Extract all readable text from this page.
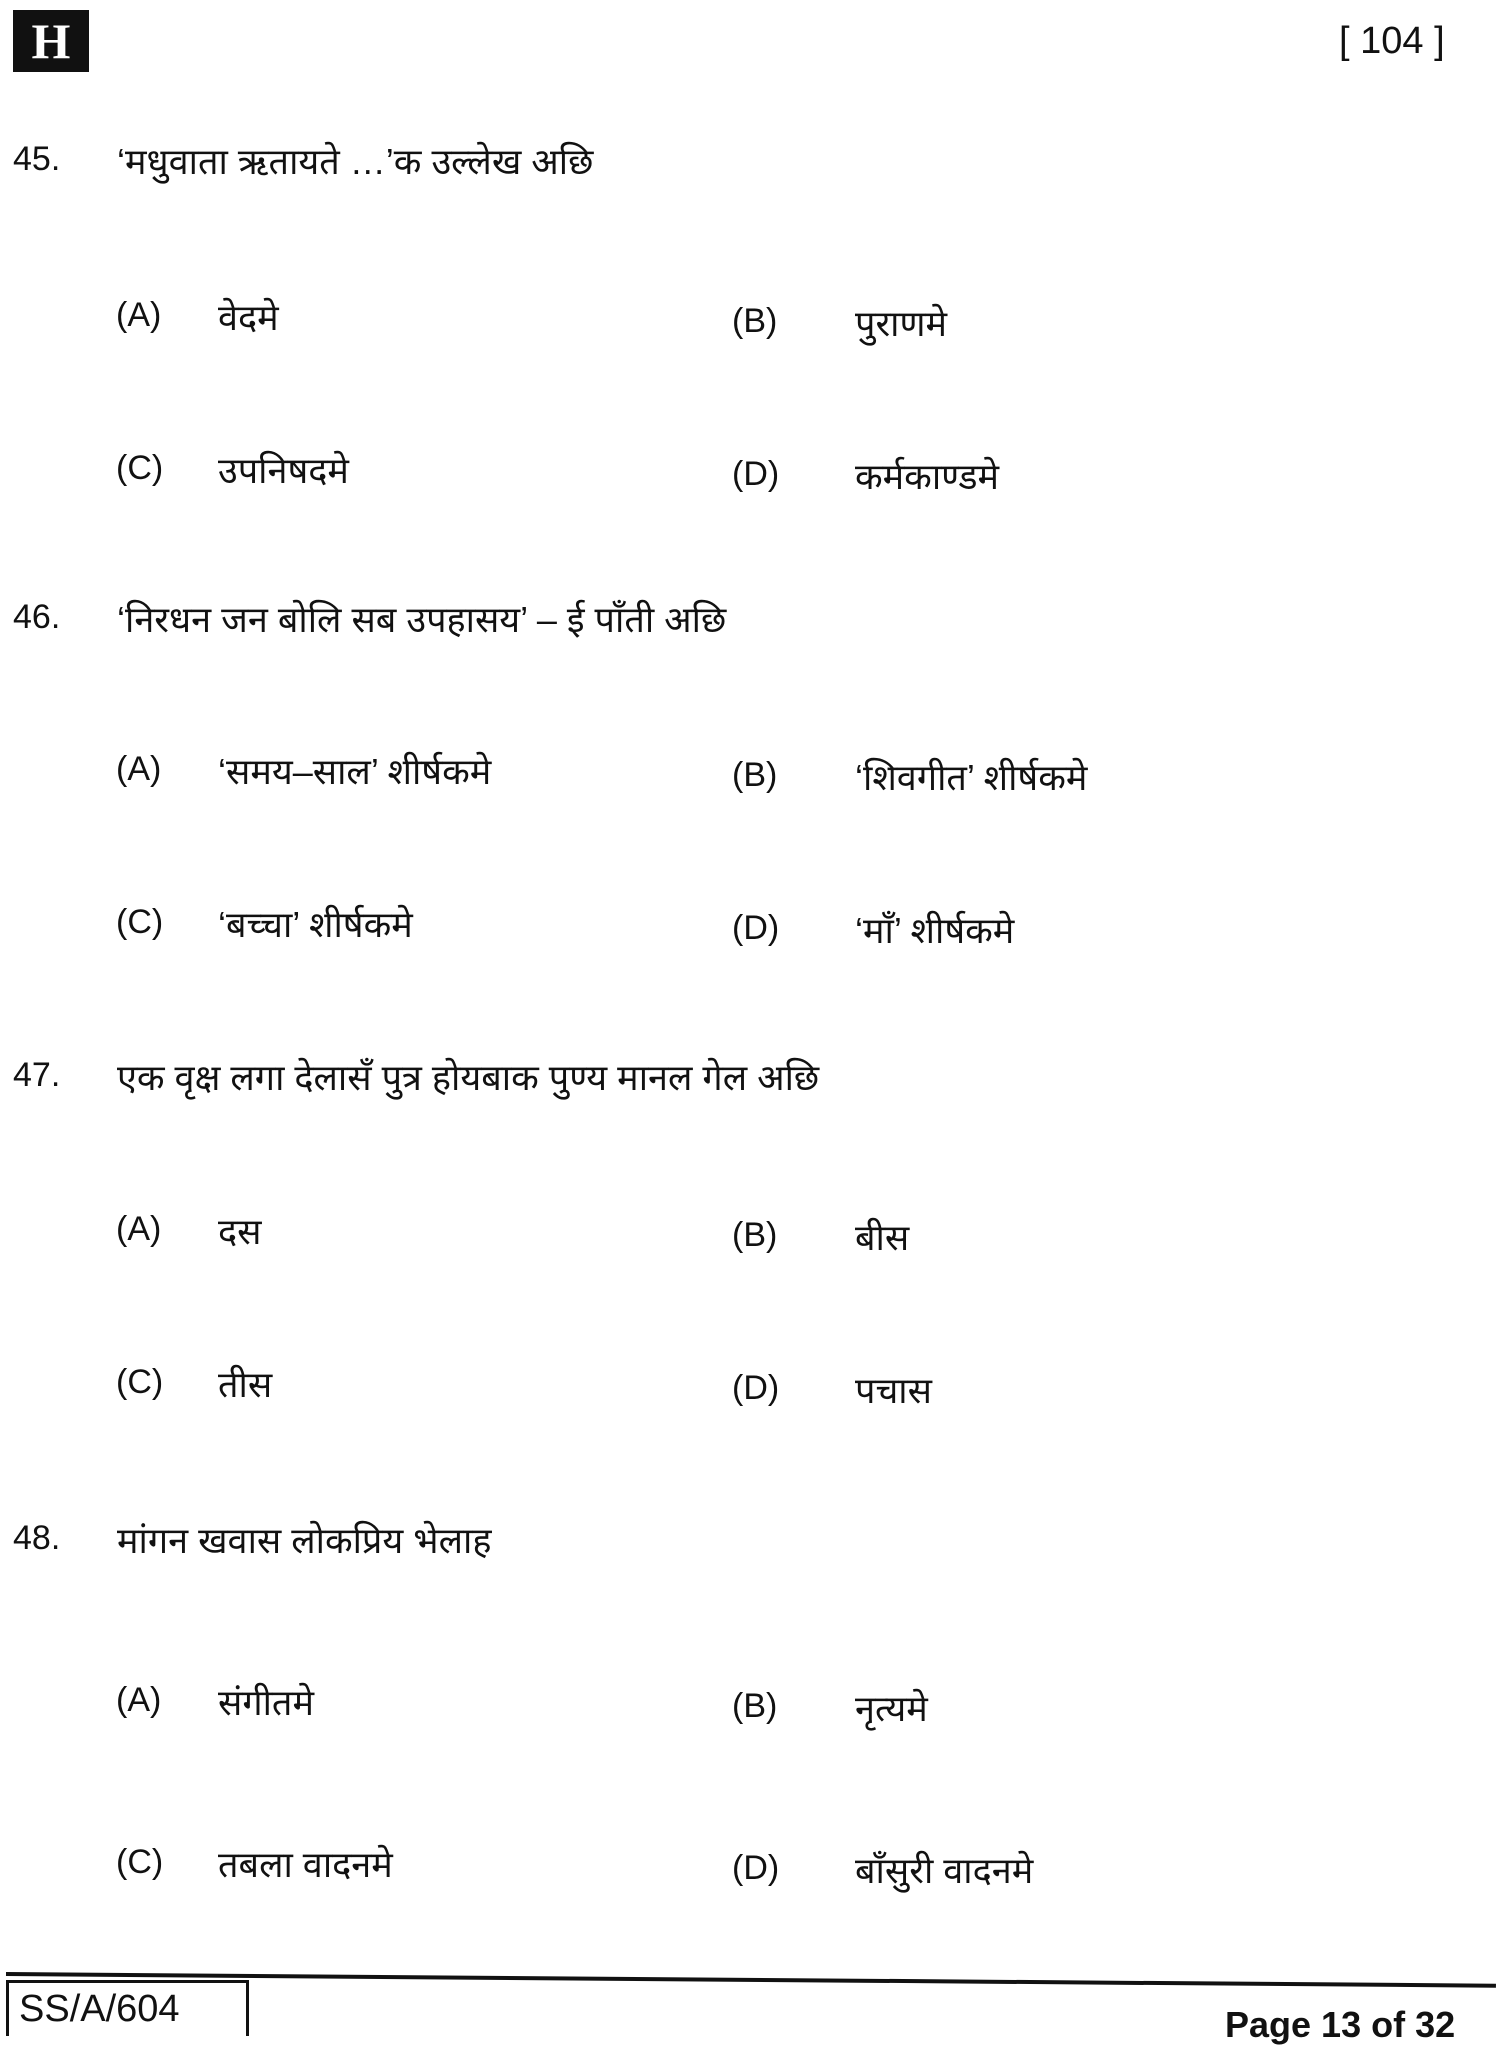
H	[ 104 ]
45. ‘मधुवाता ऋतायते …’क उल्लेख अछि
(A) वेदमे	(B) पुराणमे
(C) उपनिषदमे	(D) कर्मकाण्डमे
46. ‘निरधन जन बोलि सब उपहासय’ – ई पाँती अछि
(A) ‘समय–साल’ शीर्षकमे	(B) ‘शिवगीत’ शीर्षकमे
(C) ‘बच्चा’ शीर्षकमे	(D) ‘माँ’ शीर्षकमे
47. एक वृक्ष लगा देलासँ पुत्र होयबाक पुण्य मानल गेल अछि
(A) दस	(B) बीस
(C) तीस	(D) पचास
48. मांगन खवास लोकप्रिय भेलाह
(A) संगीतमे	(B) नृत्यमे
(C) तबला वादनमे	(D) बाँसुरी वादनमे
SS/A/604	Page 13 of 32
